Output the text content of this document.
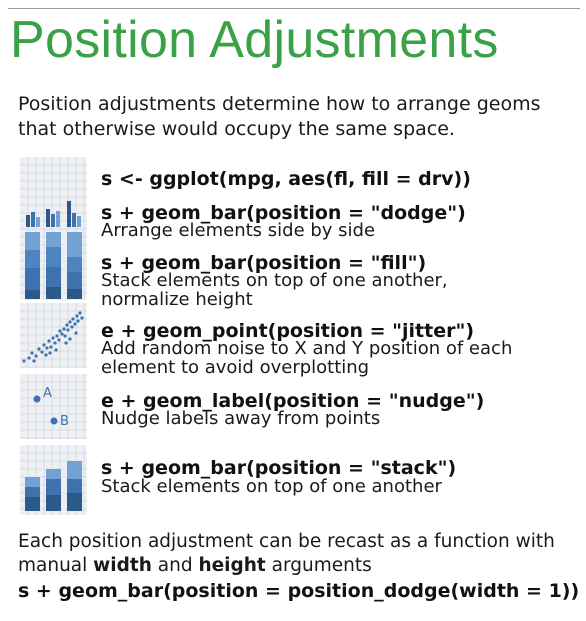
Position Adjustments

Position adjustments determine how to arrange geoms that otherwise would occupy the same space.

A
B

s <- ggplot(mpg, aes(fl, fill = drv))

s + geom_bar(position = "dodge")

Arrange elements side by side

s + geom_bar(position = "fill")

Stack elements on top of one another, normalize height

e + geom_point(position = "jitter")

Add random noise to X and Y position of each element to avoid overplotting

e + geom_label(position = "nudge")

Nudge labels away from points

s + geom_bar(position = "stack")

Stack elements on top of one another

Each position adjustment can be recast as a function with manual width and height arguments

s + geom_bar(position = position_dodge(width = 1))
